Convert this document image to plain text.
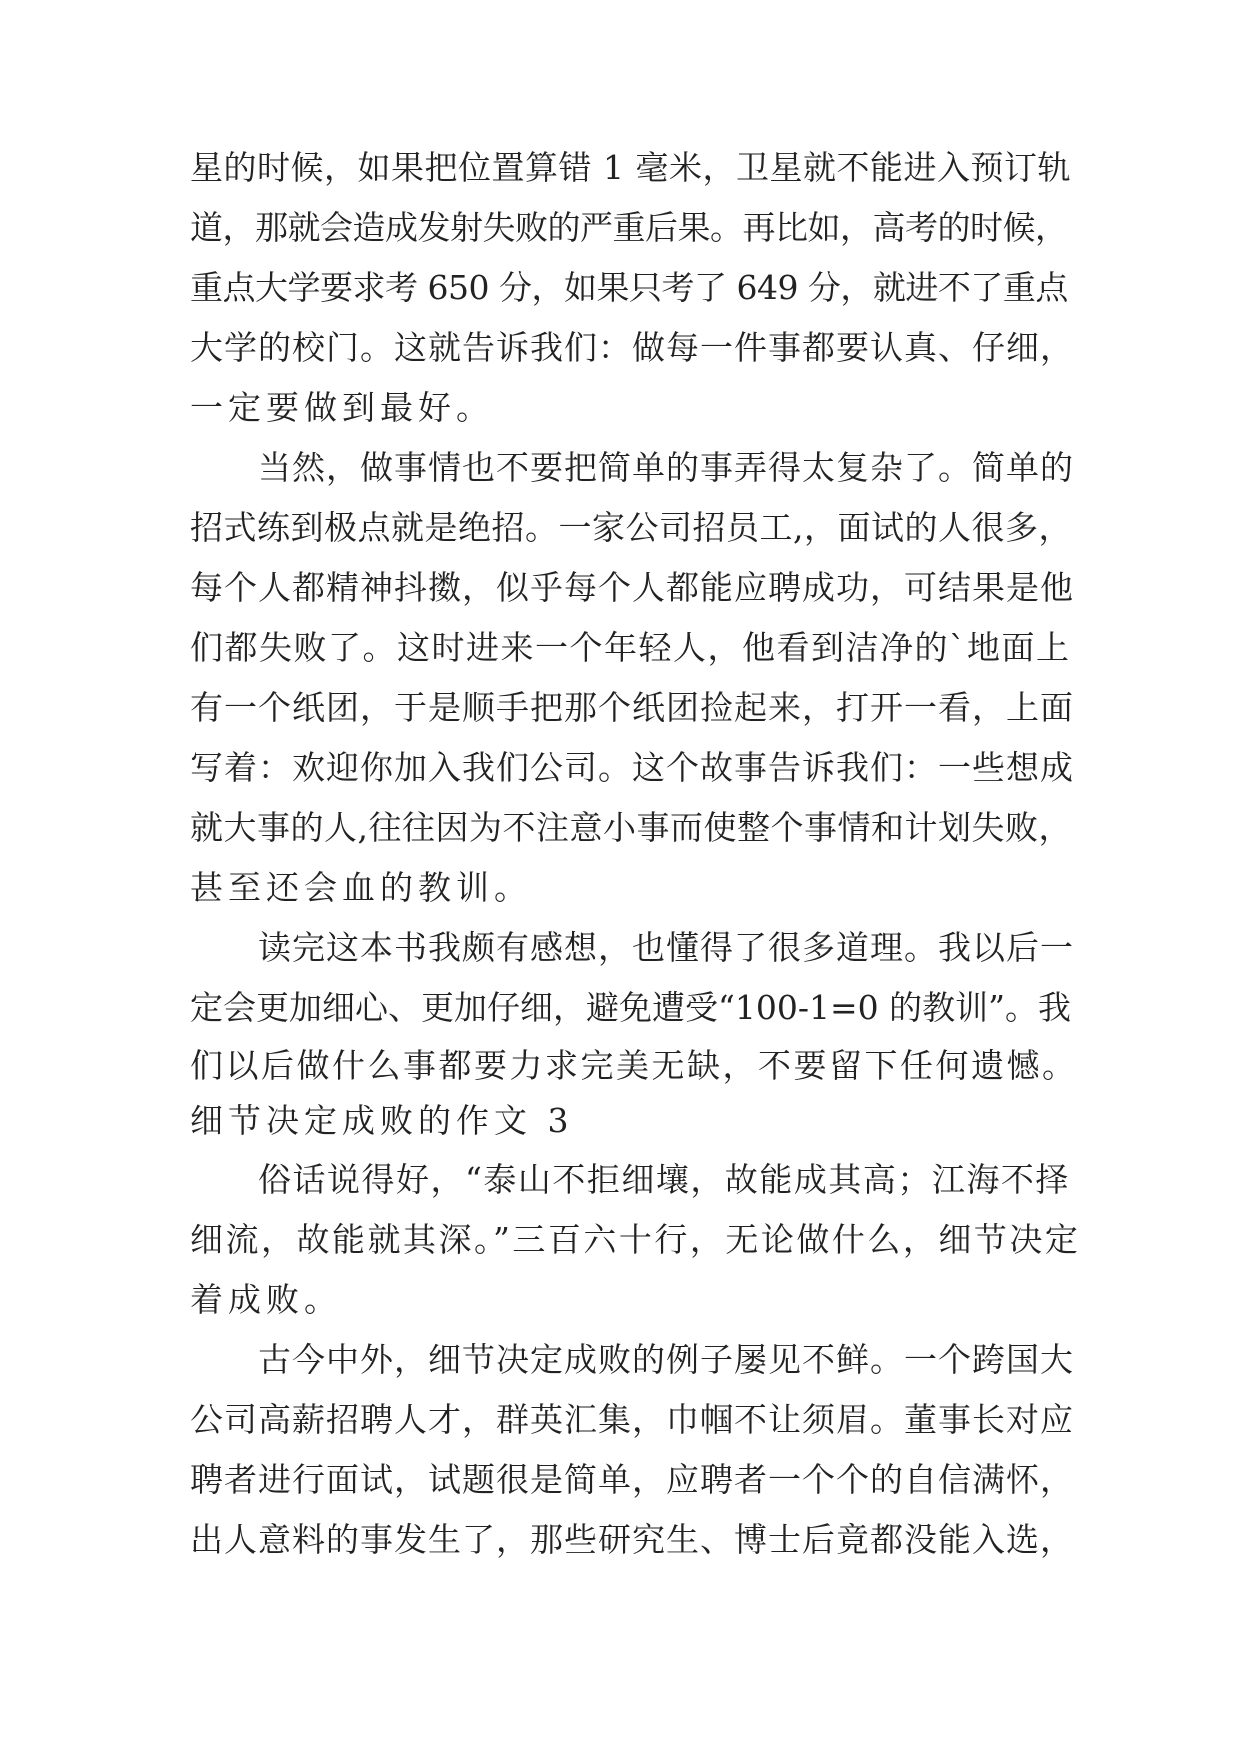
星的时候，如果把位置算错 1 毫米，卫星就不能进入预订轨
道，那就会造成发射失败的严重后果。再比如，高考的时候，
重点大学要求考 650 分，如果只考了 649 分，就进不了重点
大学的校门。这就告诉我们：做每一件事都要认真、仔细，
一定要做到最好。
当然，做事情也不要把简单的事弄得太复杂了。简单的
招式练到极点就是绝招。一家公司招员工,，面试的人很多，
每个人都精神抖擞，似乎每个人都能应聘成功，可结果是他
们都失败了。这时进来一个年轻人，他看到洁净的`地面上
有一个纸团，于是顺手把那个纸团捡起来，打开一看，上面
写着：欢迎你加入我们公司。这个故事告诉我们：一些想成
就大事的人,往往因为不注意小事而使整个事情和计划失败，
甚至还会血的教训。
读完这本书我颇有感想，也懂得了很多道理。我以后一
定会更加细心、更加仔细，避免遭受“100-1=0 的教训”。我
们以后做什么事都要力求完美无缺，不要留下任何遗憾。
细节决定成败的作文 3
俗话说得好，“泰山不拒细壤，故能成其高；江海不择
细流，故能就其深。”三百六十行，无论做什么，细节决定
着成败。
古今中外，细节决定成败的例子屡见不鲜。一个跨国大
公司高薪招聘人才，群英汇集，巾帼不让须眉。董事长对应
聘者进行面试，试题很是简单，应聘者一个个的自信满怀，
出人意料的事发生了，那些研究生、博士后竟都没能入选，
